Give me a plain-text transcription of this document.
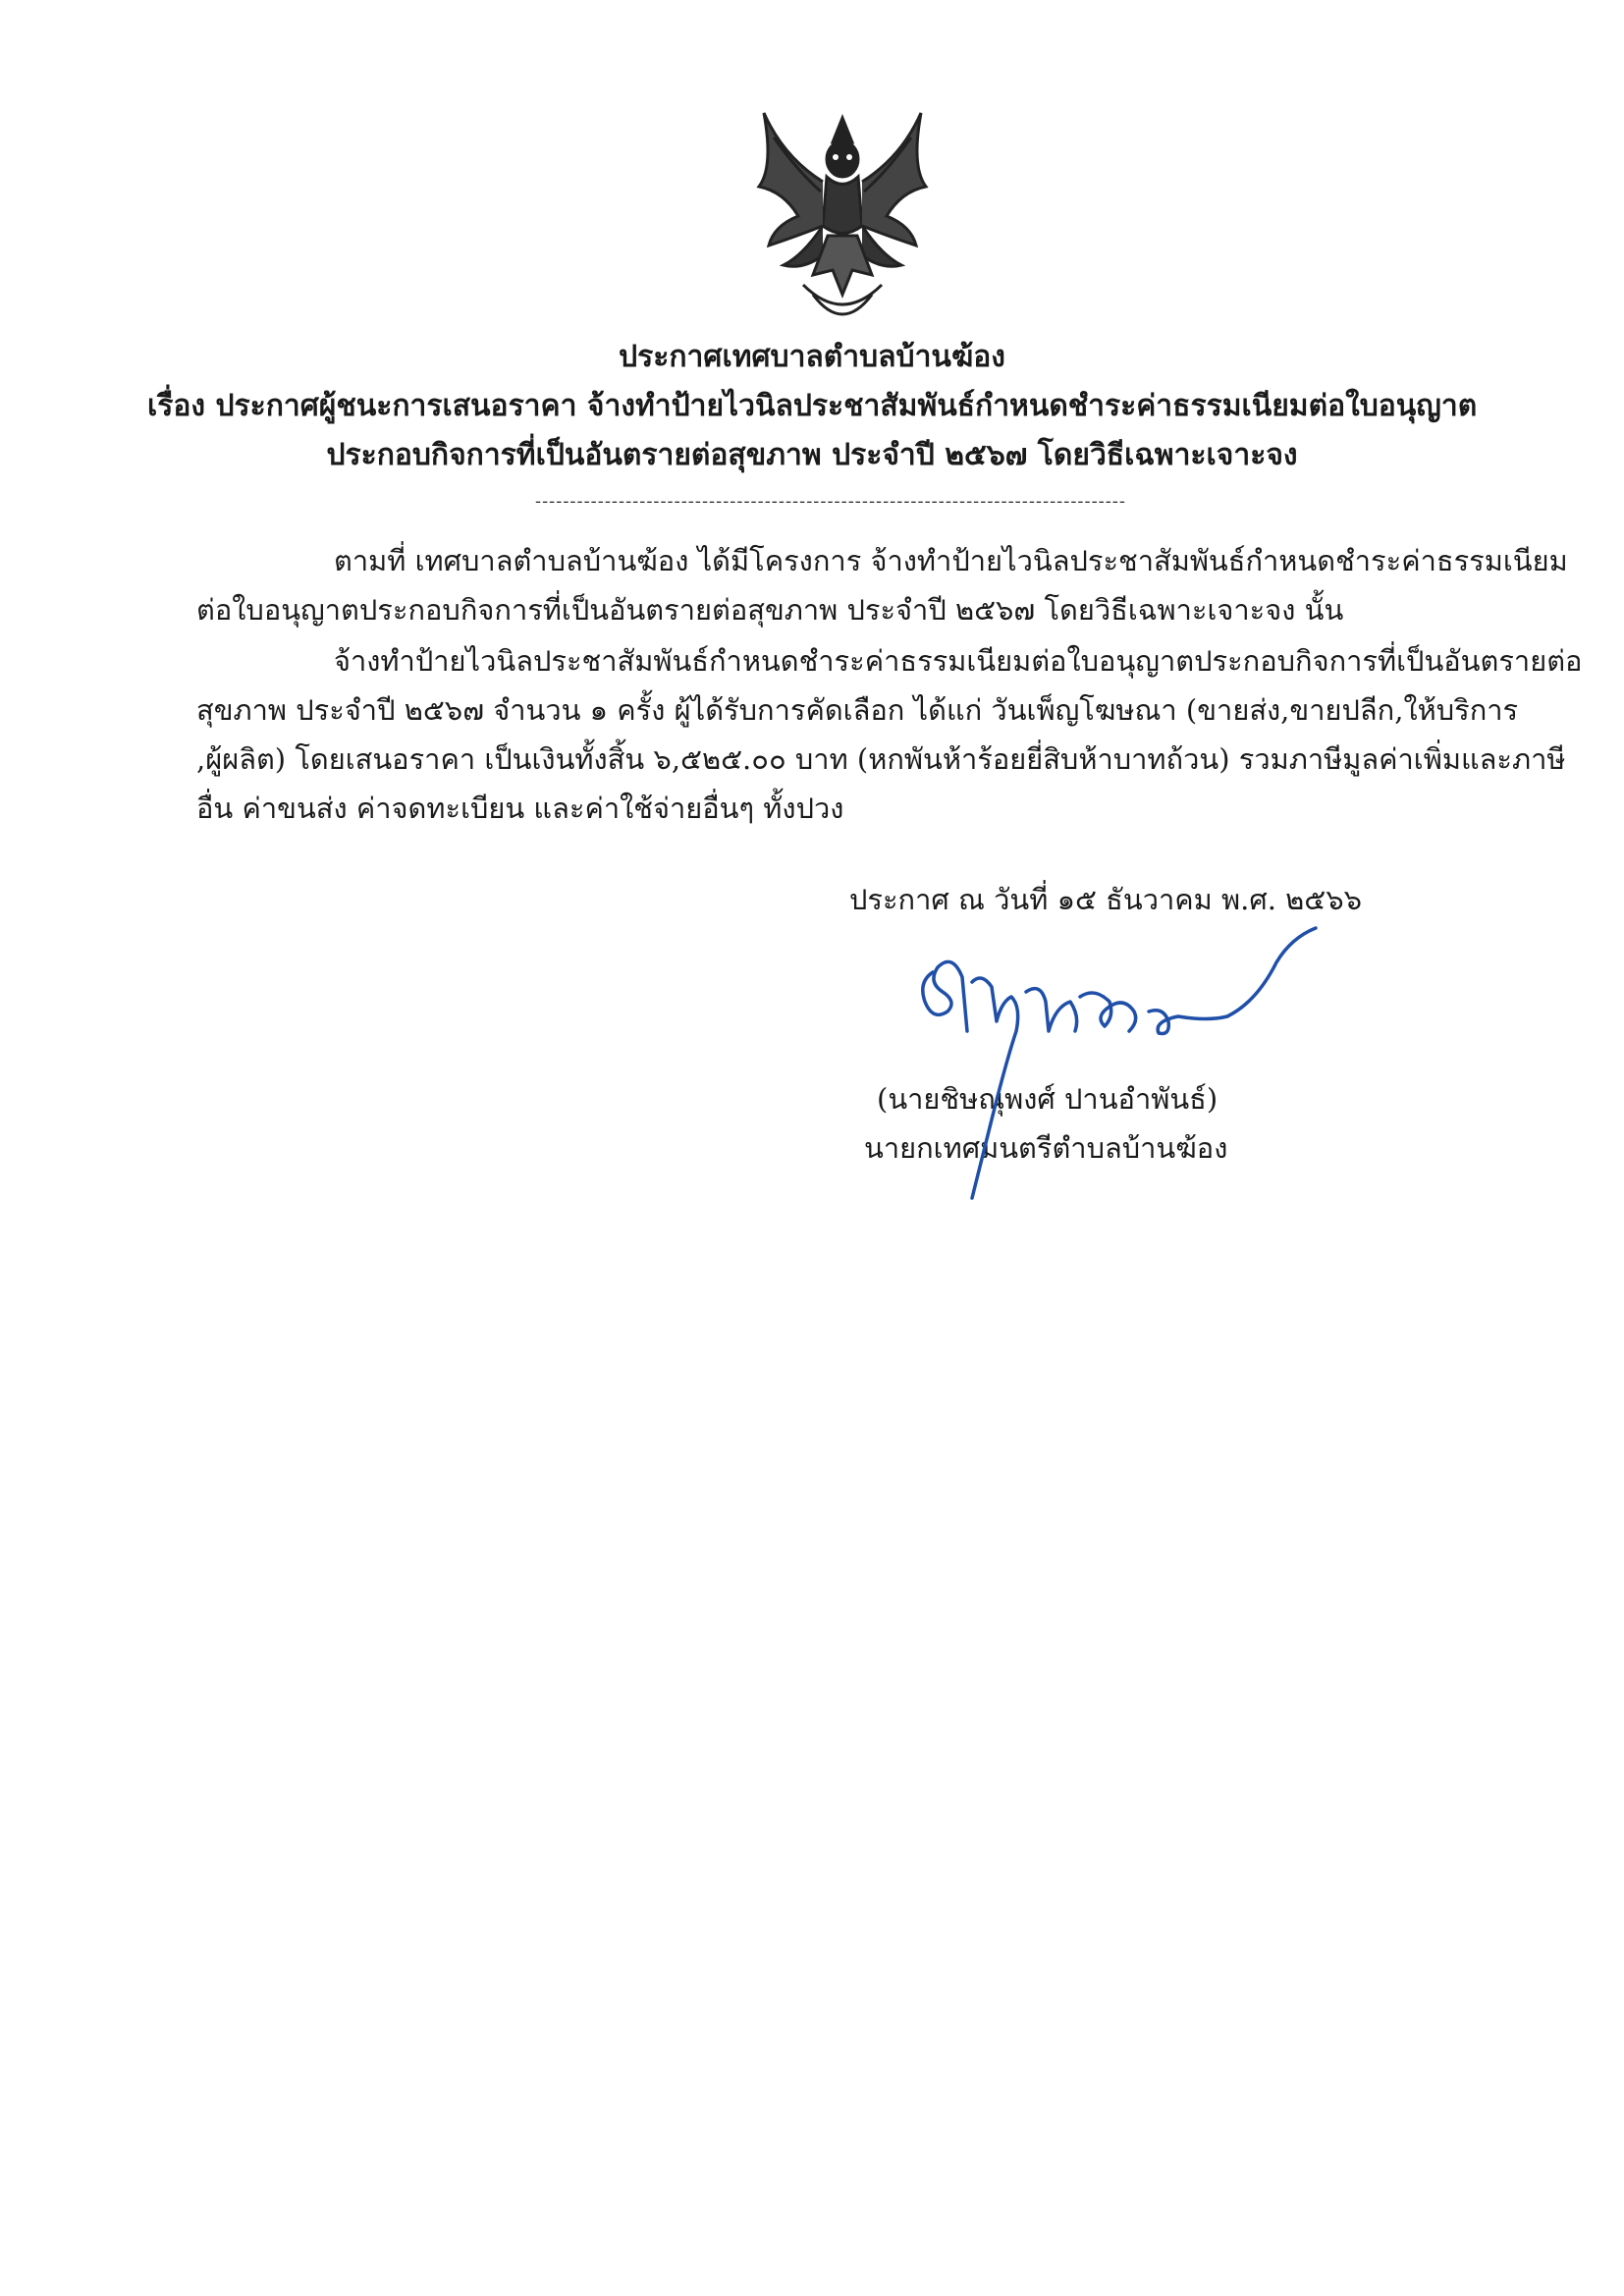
ประกาศเทศบาลตำบลบ้านฆ้อง
เรื่อง ประกาศผู้ชนะการเสนอราคา จ้างทำป้ายไวนิลประชาสัมพันธ์กำหนดชำระค่าธรรมเนียมต่อใบอนุญาต
ประกอบกิจการที่เป็นอันตรายต่อสุขภาพ ประจำปี ๒๕๖๗ โดยวิธีเฉพาะเจาะจง
-------------------------------------------------------------------------------------
ตามที่ เทศบาลตำบลบ้านฆ้อง ได้มีโครงการ จ้างทำป้ายไวนิลประชาสัมพันธ์กำหนดชำระค่าธรรมเนียม
ต่อใบอนุญาตประกอบกิจการที่เป็นอันตรายต่อสุขภาพ ประจำปี ๒๕๖๗ โดยวิธีเฉพาะเจาะจง นั้น
จ้างทำป้ายไวนิลประชาสัมพันธ์กำหนดชำระค่าธรรมเนียมต่อใบอนุญาตประกอบกิจการที่เป็นอันตรายต่อ
สุขภาพ ประจำปี ๒๕๖๗ จำนวน ๑ ครั้ง ผู้ได้รับการคัดเลือก ได้แก่ วันเพ็ญโฆษณา (ขายส่ง,ขายปลีก,ให้บริการ
,ผู้ผลิต) โดยเสนอราคา เป็นเงินทั้งสิ้น ๖,๕๒๕.๐๐ บาท (หกพันห้าร้อยยี่สิบห้าบาทถ้วน) รวมภาษีมูลค่าเพิ่มและภาษี
อื่น ค่าขนส่ง ค่าจดทะเบียน และค่าใช้จ่ายอื่นๆ ทั้งปวง
ประกาศ ณ วันที่ ๑๕ ธันวาคม พ.ศ. ๒๕๖๖
(นายชิษณุพงศ์ ปานอำพันธ์)
นายกเทศมนตรีตำบลบ้านฆ้อง
